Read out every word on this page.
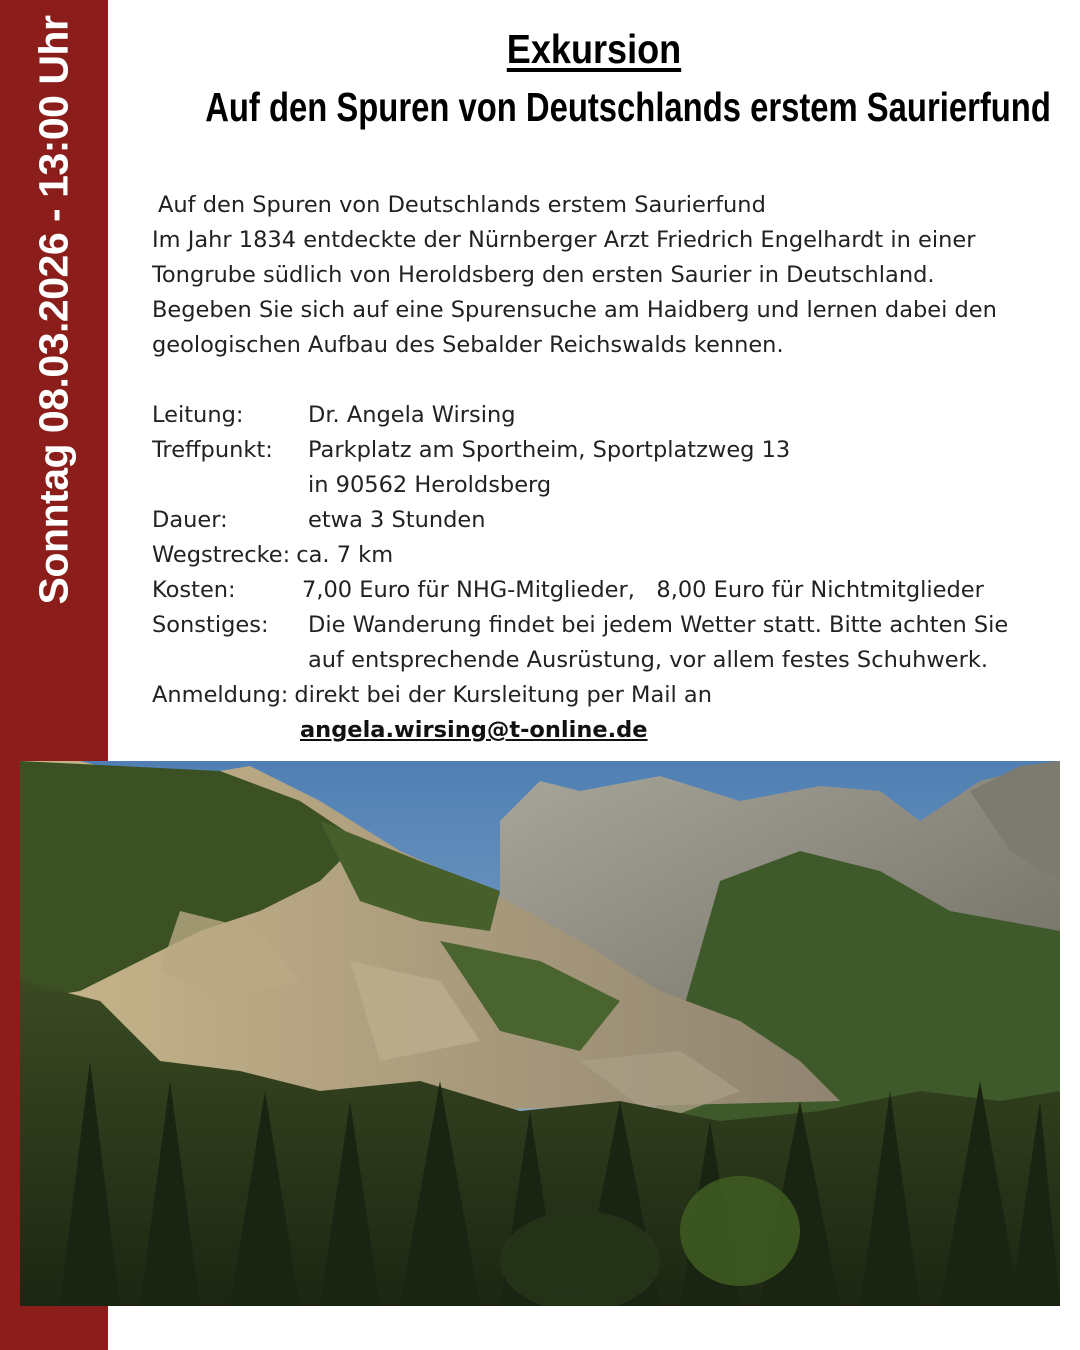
Sonntag 08.03.2026 - 13:00 Uhr	Exkursion
Auf den Spuren von Deutschlands erstem Saurierfund

Auf den Spuren von Deutschlands erstem Saurierfund

Im Jahr 1834 entdeckte der Nürnberger Arzt Friedrich Engelhardt in einer

Tongrube südlich von Heroldsberg den ersten Saurier in Deutschland.

Begeben Sie sich auf eine Spurensuche am Haidberg und lernen dabei den

geologischen Aufbau des Sebalder Reichswalds kennen.

Leitung:	Dr. Angela Wirsing
Treffpunkt:	Parkplatz am Sportheim, Sportplatzweg 13
in 90562 Heroldsberg
Dauer:	etwa 3 Stunden
Wegstrecke: ca. 7 km
Kosten:	7,00 Euro für NHG-Mitglieder,   8,00 Euro für Nichtmitglieder
Sonstiges:	Die Wanderung findet bei jedem Wetter statt. Bitte achten Sie
auf entsprechende Ausrüstung, vor allem festes Schuhwerk.
Anmeldung: direkt bei der Kursleitung per Mail an
angela.wirsing@t-online.de
